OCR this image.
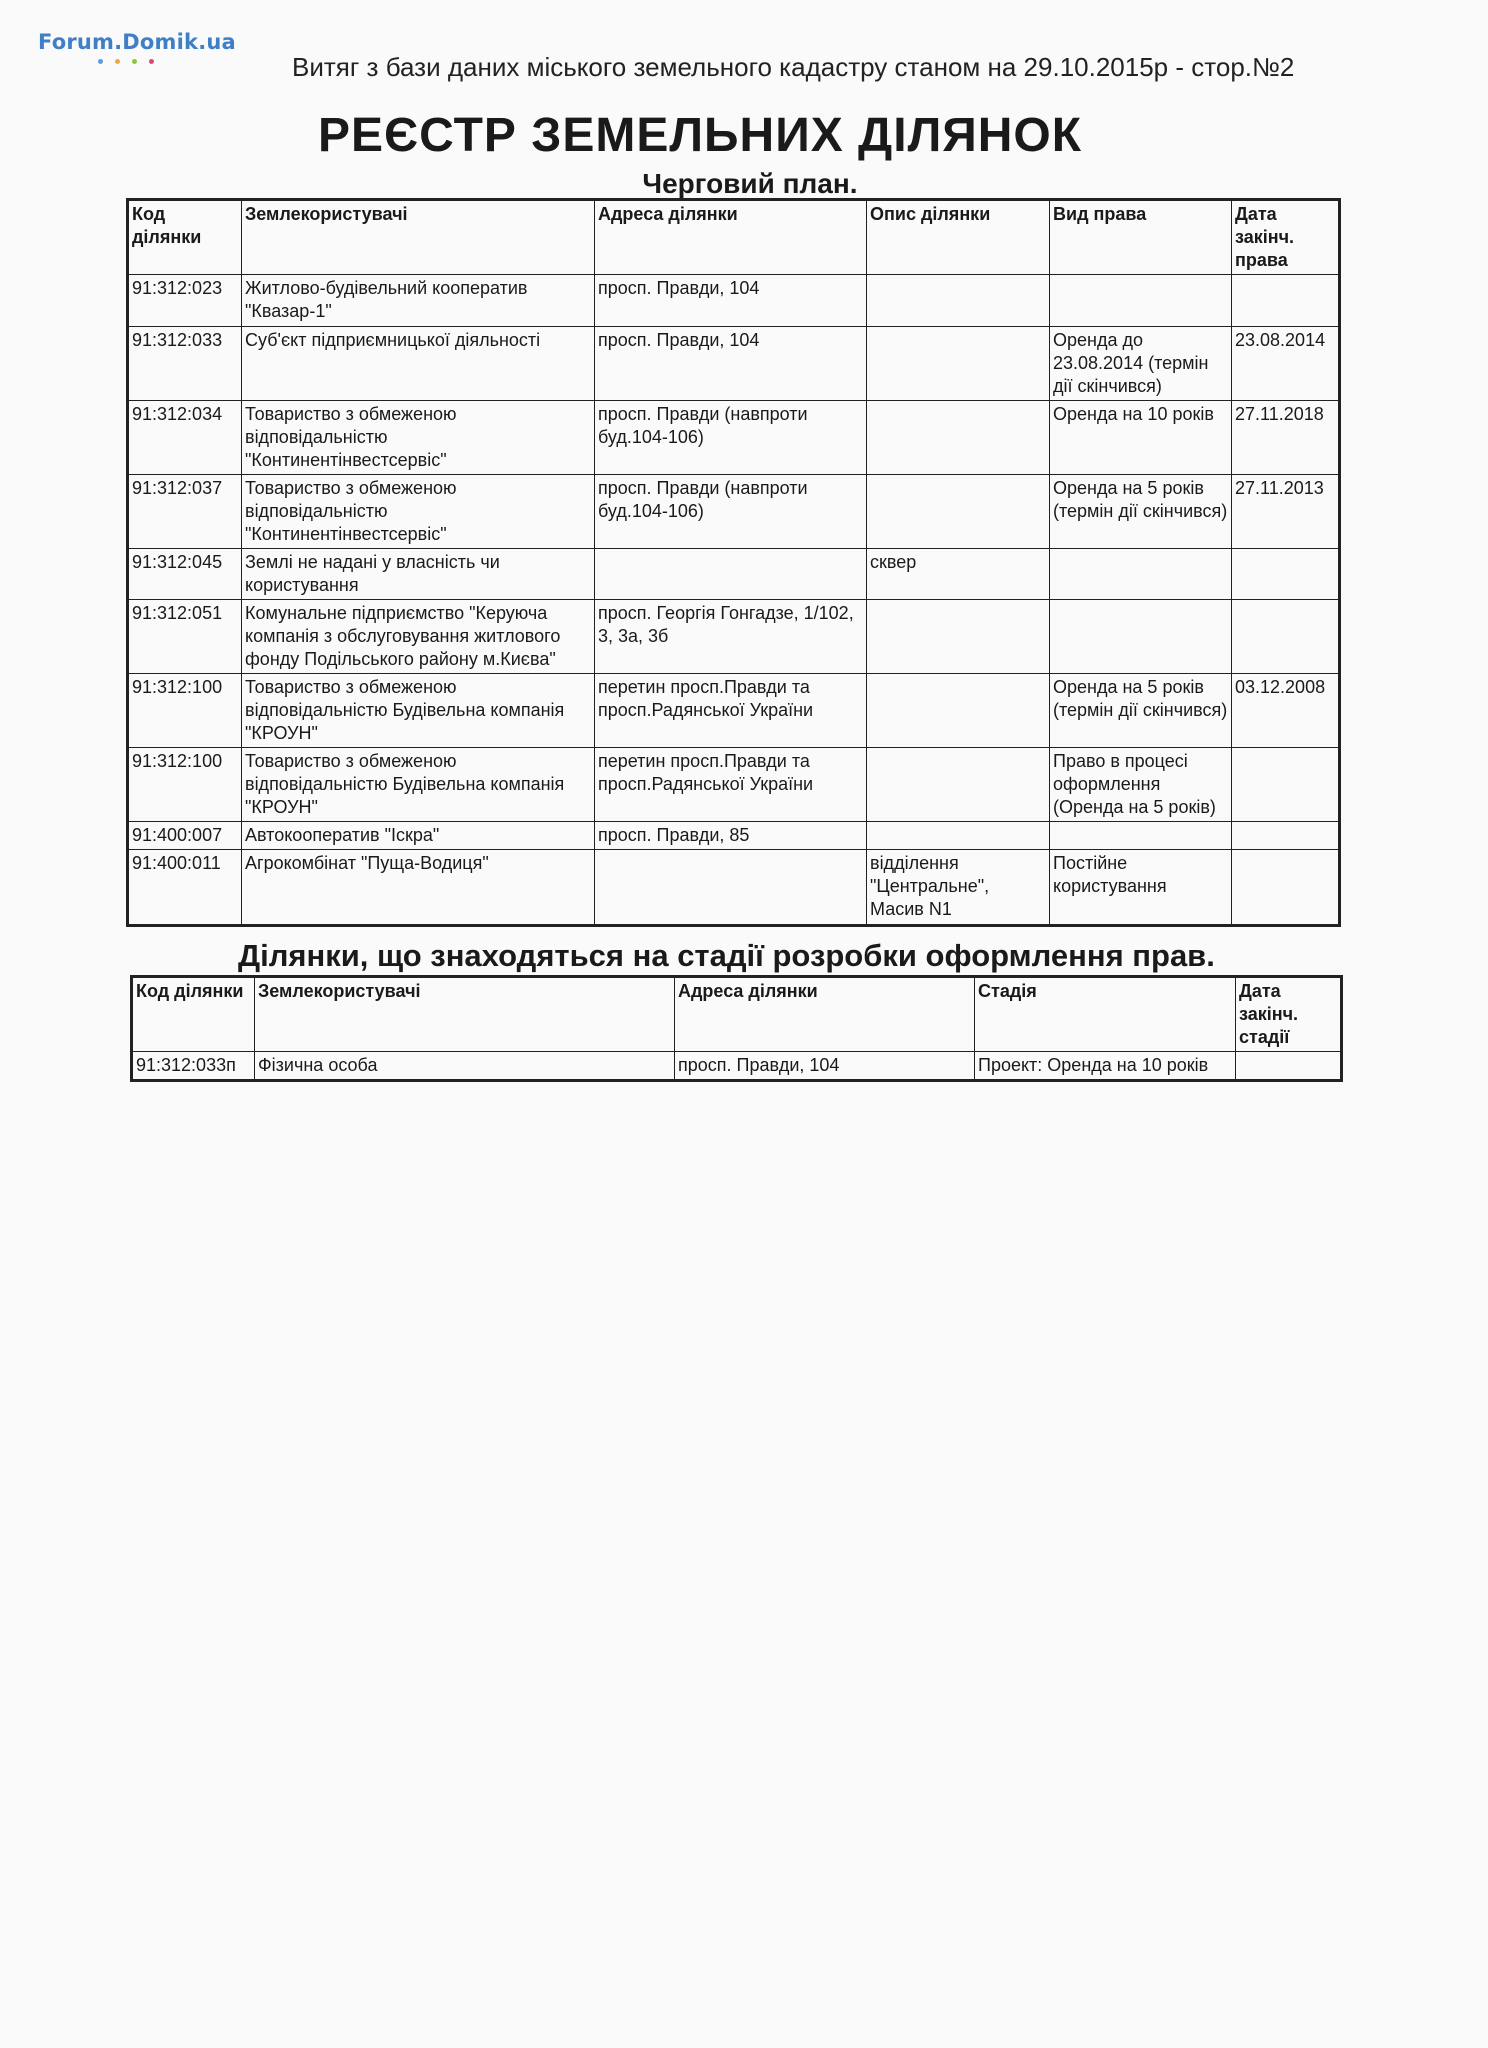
Forum.Domik.ua
Витяг з бази даних міського земельного кадастру станом на 29.10.2015р - стор.№2
РЕЄСТР ЗЕМЕЛЬНИХ ДІЛЯНОК
Черговий план.
Код ділянки	Землекористувачі	Адреса ділянки	Опис ділянки	Вид права	Дата закінч. права
91:312:023	Житлово-будівельний кооператив "Квазар-1"	просп. Правди, 104			
91:312:033	Суб'єкт підприємницької діяльності	просп. Правди, 104		Оренда до 23.08.2014 (термін дії скінчився)	23.08.2014
91:312:034	Товариство з обмеженою відповідальністю "Континентінвестсервіс"	просп. Правди (навпроти буд.104-106)		Оренда на 10 років	27.11.2018
91:312:037	Товариство з обмеженою відповідальністю "Континентінвестсервіс"	просп. Правди (навпроти буд.104-106)		Оренда на 5 років (термін дії скінчився)	27.11.2013
91:312:045	Землі не надані у власність чи користування		сквер		
91:312:051	Комунальне підприємство "Керуюча компанія з обслуговування житлового фонду Подільського району м.Києва"	просп. Георгія Гонгадзе, 1/102, 3, 3а, 3б			
91:312:100	Товариство з обмеженою відповідальністю Будівельна компанія "КРОУН"	перетин просп.Правди та просп.Радянської України		Оренда на 5 років (термін дії скінчився)	03.12.2008
91:312:100	Товариство з обмеженою відповідальністю Будівельна компанія "КРОУН"	перетин просп.Правди та просп.Радянської України		Право в процесі оформлення (Оренда на 5 років)	
91:400:007	Автокооператив "Іскра"	просп. Правди, 85			
91:400:011	Агрокомбінат "Пуща-Водиця"		відділення "Центральне", Масив N1	Постійне користування	
Ділянки, що знаходяться на стадії розробки оформлення прав.
Код ділянки	Землекористувачі	Адреса ділянки	Стадія	Дата закінч. стадії
91:312:033п	Фізична особа	просп. Правди, 104	Проект: Оренда на 10 років	
